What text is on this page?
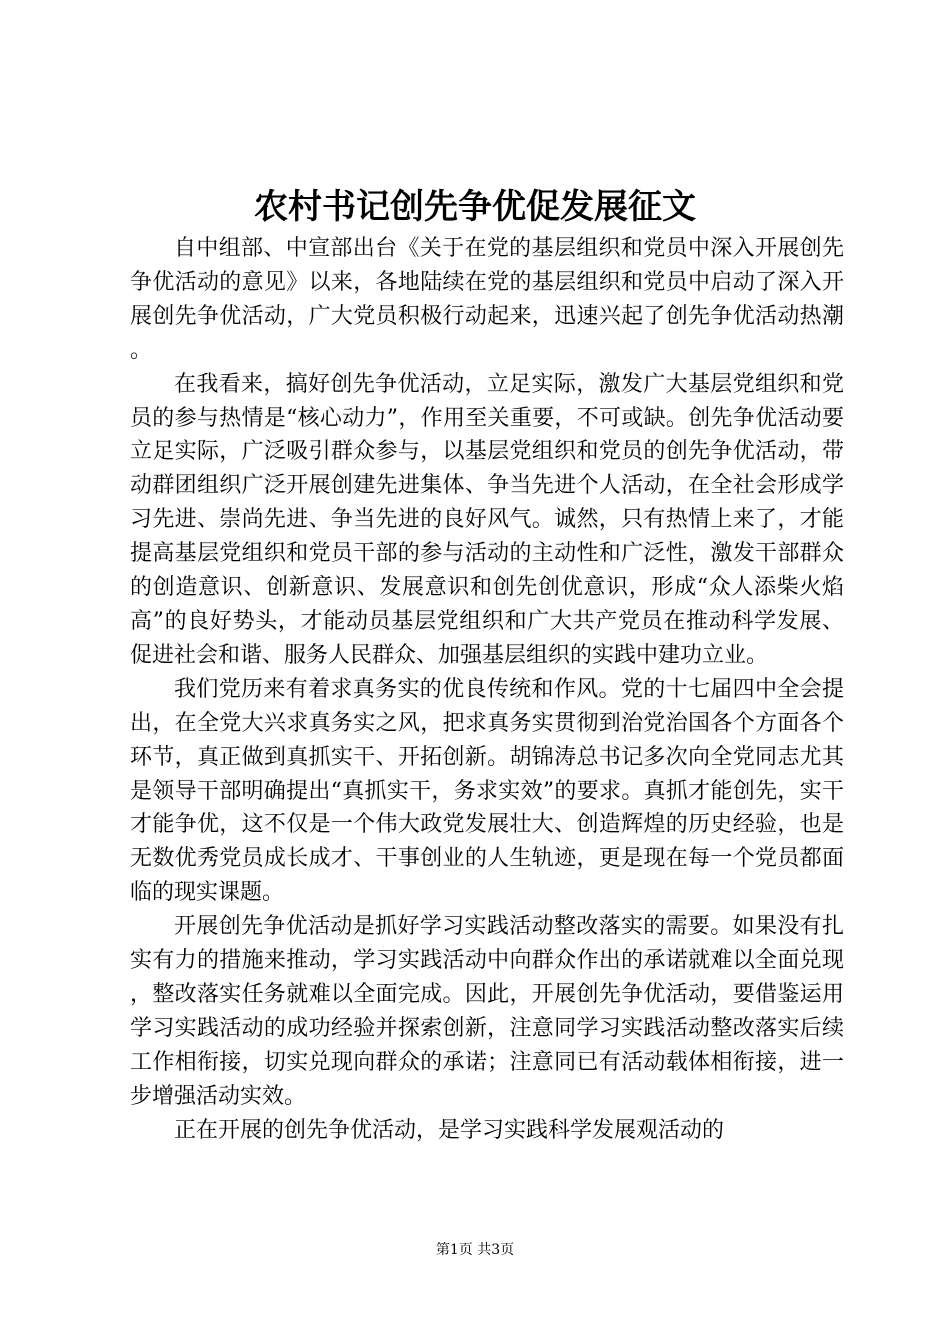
农村书记创先争优促发展征文

自中组部、中宣部出台《关于在党的基层组织和党员中深入开展创先争优活动的意见》以来，各地陆续在党的基层组织和党员中启动了深入开展创先争优活动，广大党员积极行动起来，迅速兴起了创先争优活动热潮。

在我看来，搞好创先争优活动，立足实际，激发广大基层党组织和党员的参与热情是“核心动力”，作用至关重要，不可或缺。创先争优活动要立足实际，广泛吸引群众参与，以基层党组织和党员的创先争优活动，带动群团组织广泛开展创建先进集体、争当先进个人活动，在全社会形成学习先进、崇尚先进、争当先进的良好风气。诚然，只有热情上来了，才能提高基层党组织和党员干部的参与活动的主动性和广泛性，激发干部群众的创造意识、创新意识、发展意识和创先创优意识，形成“众人添柴火焰高”的良好势头，才能动员基层党组织和广大共产党员在推动科学发展、促进社会和谐、服务人民群众、加强基层组织的实践中建功立业。

我们党历来有着求真务实的优良传统和作风。党的十七届四中全会提出，在全党大兴求真务实之风，把求真务实贯彻到治党治国各个方面各个环节，真正做到真抓实干、开拓创新。胡锦涛总书记多次向全党同志尤其是领导干部明确提出“真抓实干，务求实效”的要求。真抓才能创先，实干才能争优，这不仅是一个伟大政党发展壮大、创造辉煌的历史经验，也是无数优秀党员成长成才、干事创业的人生轨迹，更是现在每一个党员都面临的现实课题。

开展创先争优活动是抓好学习实践活动整改落实的需要。如果没有扎实有力的措施来推动，学习实践活动中向群众作出的承诺就难以全面兑现，整改落实任务就难以全面完成。因此，开展创先争优活动，要借鉴运用学习实践活动的成功经验并探索创新，注意同学习实践活动整改落实后续工作相衔接，切实兑现向群众的承诺；注意同已有活动载体相衔接，进一步增强活动实效。

正在开展的创先争优活动，是学习实践科学发展观活动的

第1页 共3页
